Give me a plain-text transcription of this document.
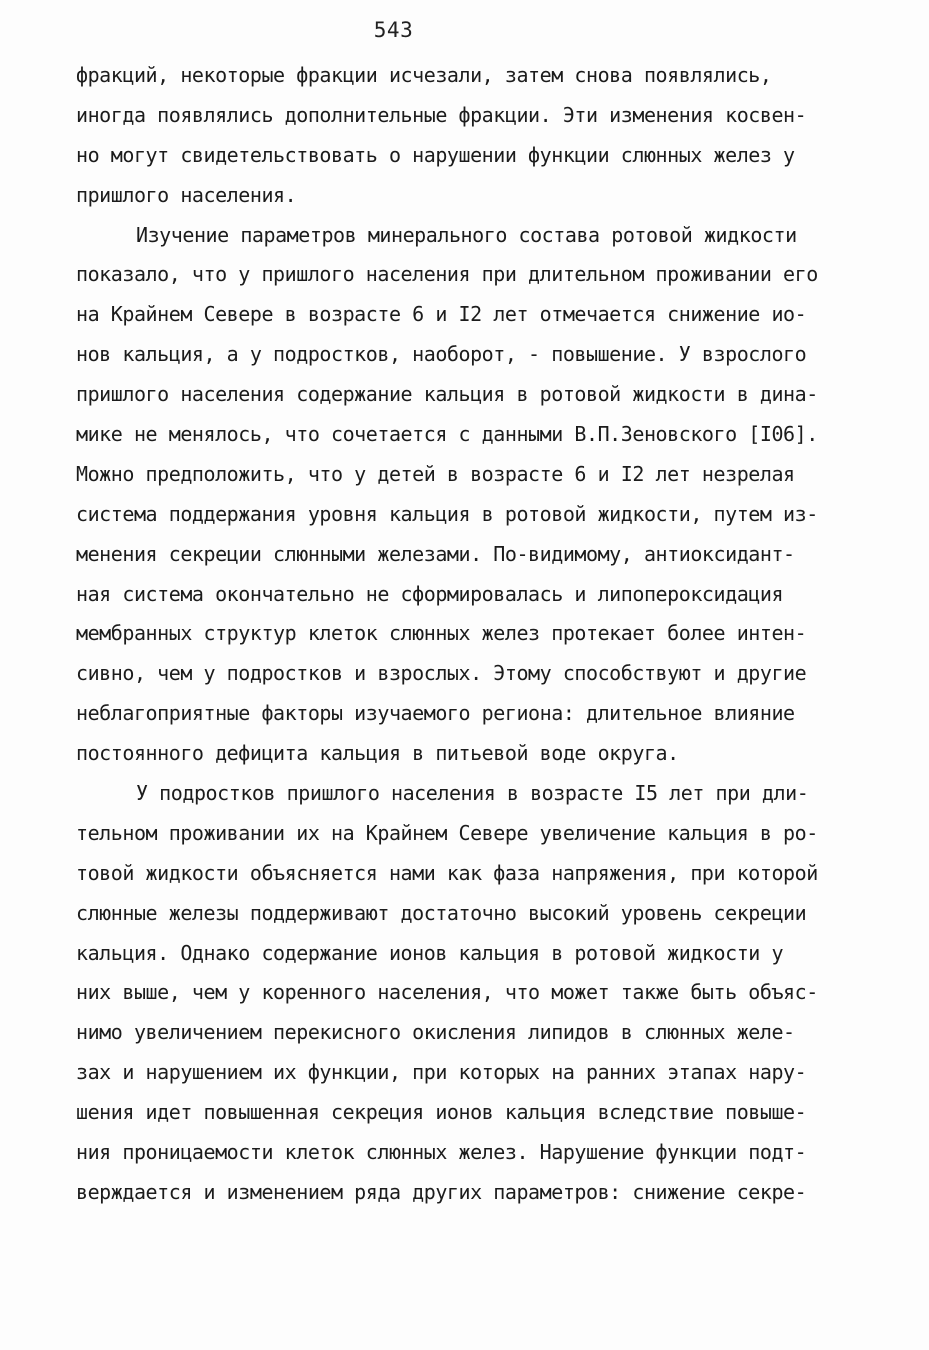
543
фракций, некоторые фракции исчезали, затем снова появлялись,
иногда появлялись дополнительные фракции. Эти изменения косвен-
но могут свидетельствовать о нарушении функции слюнных желез у
пришлого населения.
Изучение параметров минерального состава ротовой жидкости
показало, что у пришлого населения при длительном проживании его
на Крайнем Севере в возрасте 6 и I2 лет отмечается снижение ио-
нов кальция, а у подростков, наоборот, - повышение. У взрослого
пришлого населения содержание кальция в ротовой жидкости в дина-
мике не менялось, что сочетается с данными В.П.Зеновского [I06].
Можно предположить, что у детей в возрасте 6 и I2 лет незрелая
система поддержания уровня кальция в ротовой жидкости, путем из-
менения секреции слюнными железами. По-видимому, антиоксидант-
ная система окончательно не сформировалась и липопероксидация
мембранных структур клеток слюнных желез протекает более интен-
сивно, чем у подростков и взрослых. Этому способствуют и другие
неблагоприятные факторы изучаемого региона: длительное влияние
постоянного дефицита кальция в питьевой воде округа.
У подростков пришлого населения в возрасте I5 лет при дли-
тельном проживании их на Крайнем Севере увеличение кальция в ро-
товой жидкости объясняется нами как фаза напряжения, при которой
слюнные железы поддерживают достаточно высокий уровень секреции
кальция. Однако содержание ионов кальция в ротовой жидкости у
них выше, чем у коренного населения, что может также быть объяс-
нимо увеличением перекисного окисления липидов в слюнных желе-
зах и нарушением их функции, при которых на ранних этапах нару-
шения идет повышенная секреция ионов кальция вследствие повыше-
ния проницаемости клеток слюнных желез. Нарушение функции подт-
верждается и изменением ряда других параметров: снижение секре-
